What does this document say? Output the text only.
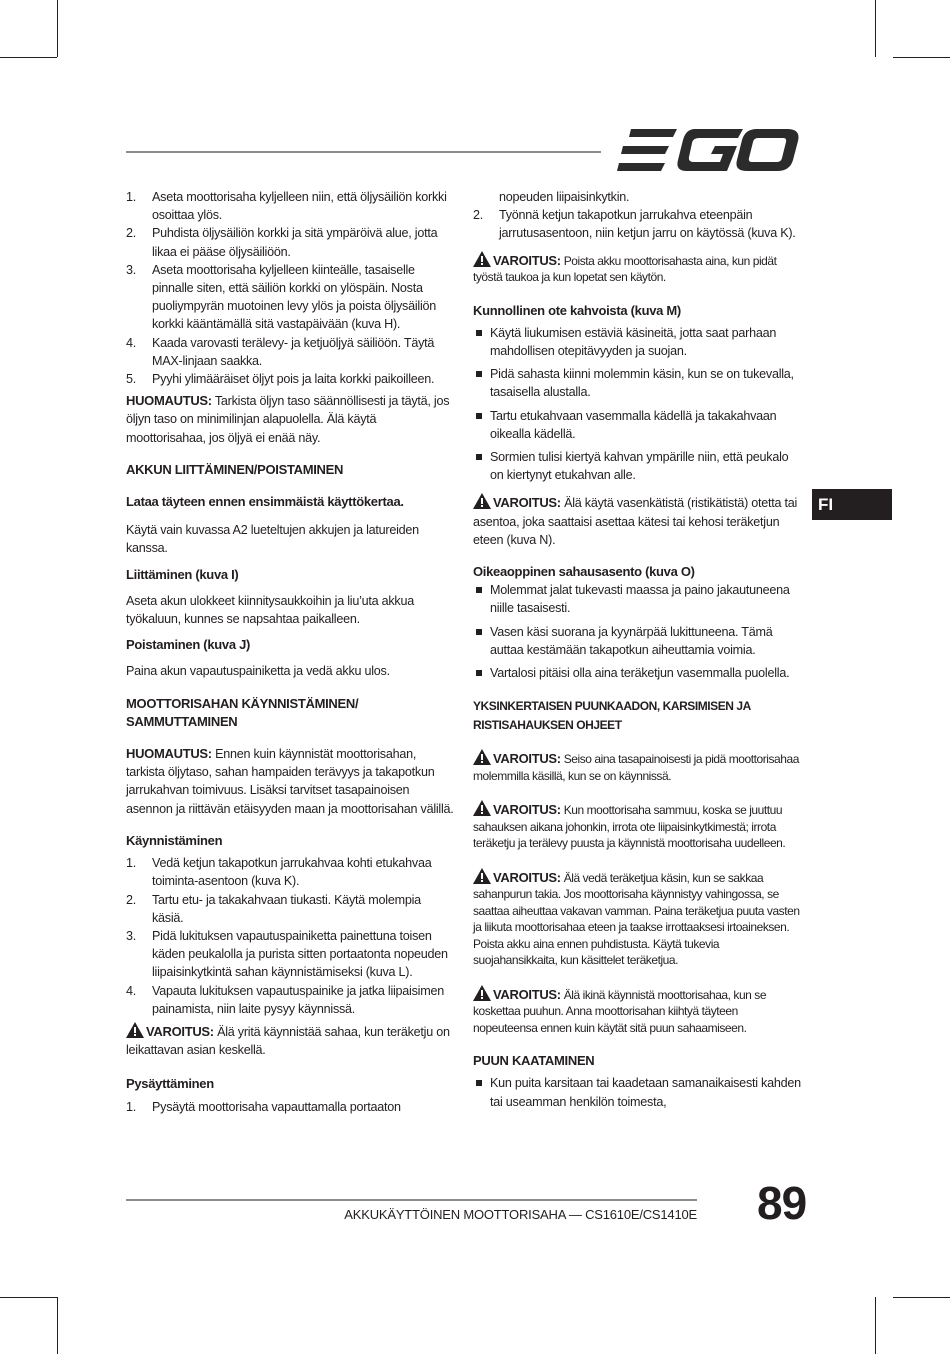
FI
1. Aseta moottorisaha kyljelleen niin, että öljysäiliön korkki osoittaa ylös.
2. Puhdista öljysäiliön korkki ja sitä ympäröivä alue, jotta likaa ei pääse öljysäiliöön.
3. Aseta moottorisaha kyljelleen kiinteälle, tasaiselle pinnalle siten, että säiliön korkki on ylöspäin. Nosta puoliympyrän muotoinen levy ylös ja poista öljysäiliön korkki kääntämällä sitä vastapäivään (kuva H).
4. Kaada varovasti terälevy- ja ketjuöljyä säiliöön. Täytä MAX-linjaan saakka.
5. Pyyhi ylimääräiset öljyt pois ja laita korkki paikoilleen.

HUOMAUTUS: Tarkista öljyn taso säännöllisesti ja täytä, jos öljyn taso on minimilinjan alapuolella. Älä käytä moottorisahaa, jos öljyä ei enää näy.

AKKUN LIITTÄMINEN/POISTAMINEN

Lataa täyteen ennen ensimmäistä käyttökertaa.

Käytä vain kuvassa A2 lueteltujen akkujen ja latureiden kanssa.

Liittäminen (kuva I)

Aseta akun ulokkeet kiinnitysaukkoihin ja liu’uta akkua työkaluun, kunnes se napsahtaa paikalleen.

Poistaminen (kuva J)

Paina akun vapautuspainiketta ja vedä akku ulos.

MOOTTORISAHAN KÄYNNISTÄMINEN/
SAMMUTTAMINEN

HUOMAUTUS: Ennen kuin käynnistät moottorisahan, tarkista öljytaso, sahan hampaiden terävyys ja takapotkun jarrukahvan toimivuus. Lisäksi tarvitset tasapainoisen asennon ja riittävän etäisyyden maan ja moottorisahan välillä.

Käynnistäminen

1. Vedä ketjun takapotkun jarrukahvaa kohti etukahvaa toiminta-asentoon (kuva K).
2. Tartu etu- ja takakahvaan tiukasti. Käytä molempia käsiä.
3. Pidä lukituksen vapautuspainiketta painettuna toisen käden peukalolla ja purista sitten portaatonta nopeuden liipaisinkytkintä sahan käynnistämiseksi (kuva L).
4. Vapauta lukituksen vapautuspainike ja jatka liipaisimen painamista, niin laite pysyy käynnissä.

VAROITUS: Älä yritä käynnistää sahaa, kun teräketju on leikattavan asian keskellä.

Pysäyttäminen

1. Pysäytä moottorisaha vapauttamalla portaaton
nopeuden liipaisinkytkin.
2. Työnnä ketjun takapotkun jarrukahva eteenpäin jarrutusasentoon, niin ketjun jarru on käytössä (kuva K).

VAROITUS: Poista akku moottorisahasta aina, kun pidät työstä taukoa ja kun lopetat sen käytön.

Kunnollinen ote kahvoista (kuva M)

Käytä liukumisen estäviä käsineitä, jotta saat parhaan mahdollisen otepitävyyden ja suojan.
Pidä sahasta kiinni molemmin käsin, kun se on tukevalla, tasaisella alustalla.
Tartu etukahvaan vasemmalla kädellä ja takakahvaan oikealla kädellä.
Sormien tulisi kiertyä kahvan ympärille niin, että peukalo on kiertynyt etukahvan alle.

VAROITUS: Älä käytä vasenkätistä (ristikätistä) otetta tai asentoa, joka saattaisi asettaa kätesi tai kehosi teräketjun eteen (kuva N).

Oikeaoppinen sahausasento (kuva O)

Molemmat jalat tukevasti maassa ja paino jakautuneena niille tasaisesti.
Vasen käsi suorana ja kyynärpää lukittuneena. Tämä auttaa kestämään takapotkun aiheuttamia voimia.
Vartalosi pitäisi olla aina teräketjun vasemmalla puolella.

YKSINKERTAISEN PUUNKAADON, KARSIMISEN JA
RISTISAHAUKSEN OHJEET

VAROITUS: Seiso aina tasapainoisesti ja pidä moottorisahaa molemmilla käsillä, kun se on käynnissä.

VAROITUS: Kun moottorisaha sammuu, koska se juuttuu sahauksen aikana johonkin, irrota ote liipaisinkytkimestä; irrota teräketju ja terälevy puusta ja käynnistä moottorisaha uudelleen.

VAROITUS: Älä vedä teräketjua käsin, kun se sakkaa sahanpurun takia. Jos moottorisaha käynnistyy vahingossa, se saattaa aiheuttaa vakavan vamman. Paina teräketjua puuta vasten ja liikuta moottorisahaa eteen ja taakse irrottaaksesi irtoaineksen. Poista akku aina ennen puhdistusta. Käytä tukevia suojahansikkaita, kun käsittelet teräketjua.

VAROITUS: Älä ikinä käynnistä moottorisahaa, kun se koskettaa puuhun. Anna moottorisahan kiihtyä täyteen nopeuteensa ennen kuin käytät sitä puun sahaamiseen.

PUUN KAATAMINEN

Kun puita karsitaan tai kaadetaan samanaikaisesti kahden tai useamman henkilön toimesta,
AKKUKÄYTTÖINEN MOOTTORISAHA — CS1610E/CS1410E 89
